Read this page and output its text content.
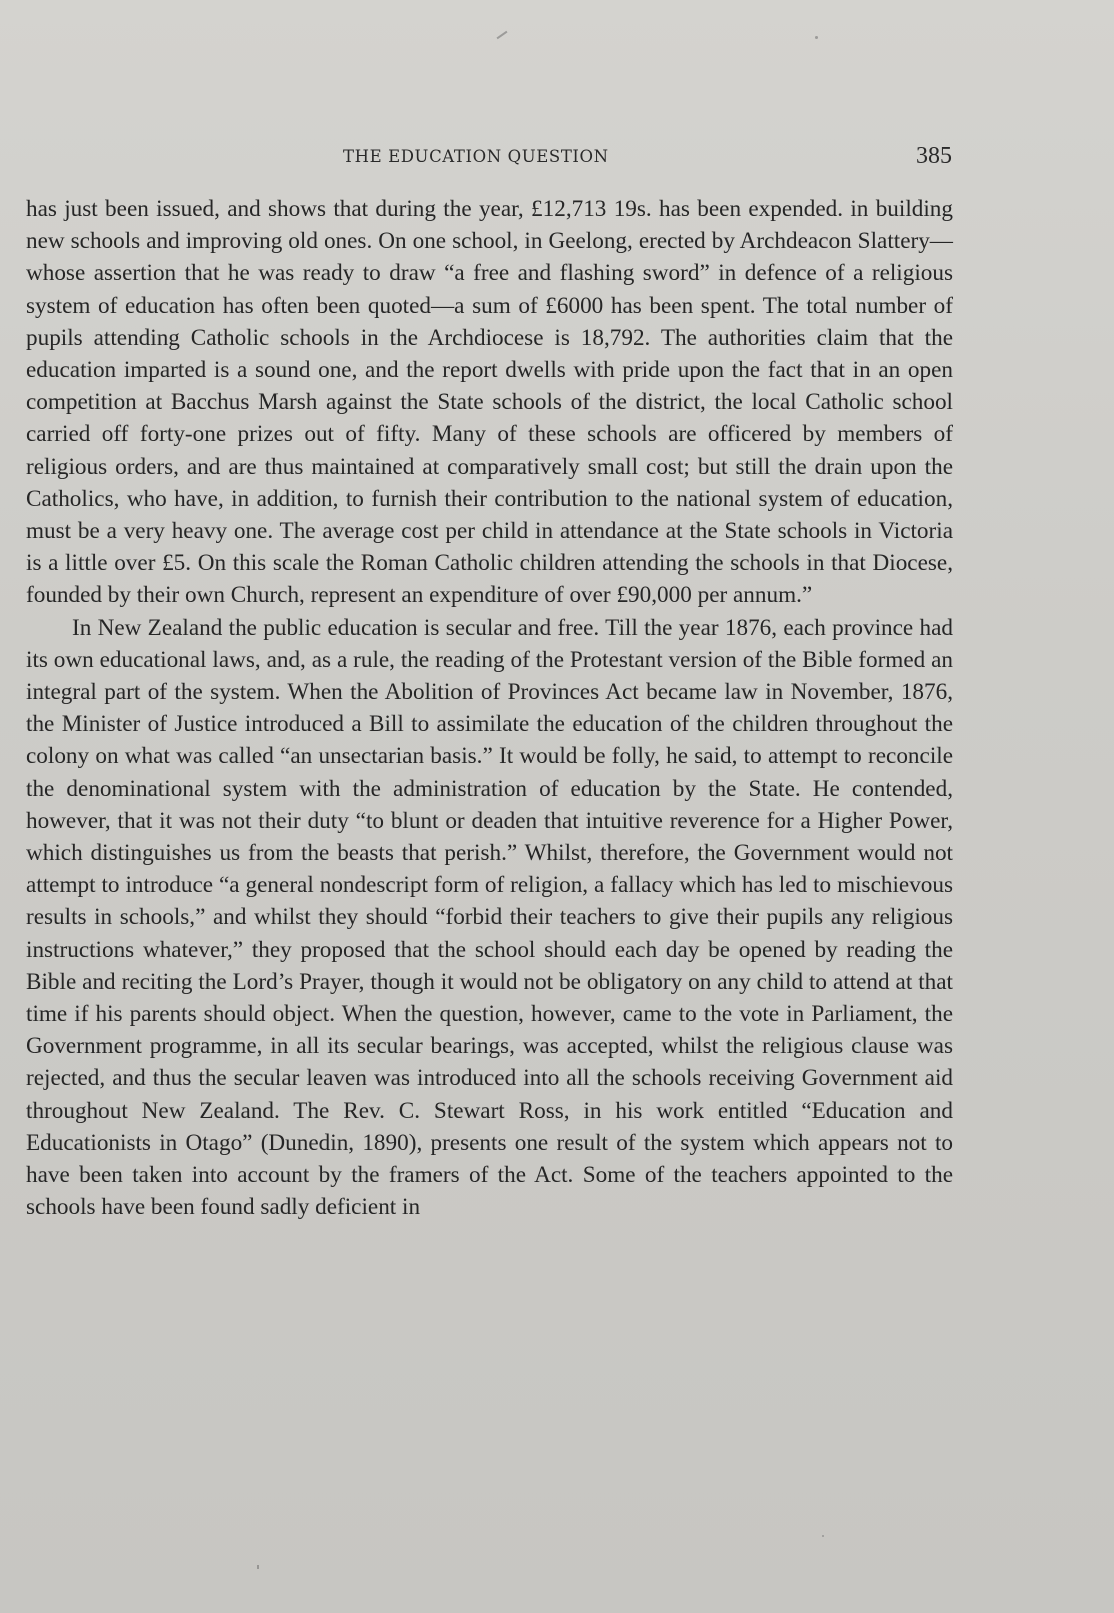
THE EDUCATION QUESTION	385

has just been issued, and shows that during the year, £12,713 19s. has been expended. in building new schools and improving old ones. On one school, in Geelong, erected by Archdeacon Slattery—whose assertion that he was ready to draw “a free and flashing sword” in defence of a religious system of education has often been quoted—a sum of £6000 has been spent. The total number of pupils attending Catholic schools in the Archdiocese is 18,792. The authorities claim that the education imparted is a sound one, and the report dwells with pride upon the fact that in an open competition at Bacchus Marsh against the State schools of the district, the local Catholic school carried off forty-one prizes out of fifty. Many of these schools are officered by members of religious orders, and are thus maintained at comparatively small cost; but still the drain upon the Catholics, who have, in addition, to furnish their contribution to the national system of education, must be a very heavy one. The average cost per child in attendance at the State schools in Victoria is a little over £5. On this scale the Roman Catholic children attending the schools in that Diocese, founded by their own Church, represent an expenditure of over £90,000 per annum.”

In New Zealand the public education is secular and free. Till the year 1876, each province had its own educational laws, and, as a rule, the reading of the Protestant version of the Bible formed an integral part of the system. When the Abolition of Provinces Act became law in November, 1876, the Minister of Justice introduced a Bill to assimilate the education of the children throughout the colony on what was called “an unsectarian basis.” It would be folly, he said, to attempt to reconcile the denominational system with the administration of education by the State. He contended, however, that it was not their duty “to blunt or deaden that intuitive reverence for a Higher Power, which distinguishes us from the beasts that perish.” Whilst, therefore, the Government would not attempt to introduce “a general nondescript form of religion, a fallacy which has led to mischievous results in schools,” and whilst they should “forbid their teachers to give their pupils any religious instructions whatever,” they proposed that the school should each day be opened by reading the Bible and reciting the Lord’s Prayer, though it would not be obligatory on any child to attend at that time if his parents should object. When the question, however, came to the vote in Parliament, the Government programme, in all its secular bearings, was accepted, whilst the religious clause was rejected, and thus the secular leaven was introduced into all the schools receiving Government aid throughout New Zealand. The Rev. C. Stewart Ross, in his work entitled “Education and Educationists in Otago” (Dunedin, 1890), presents one result of the system which appears not to have been taken into account by the framers of the Act. Some of the teachers appointed to the schools have been found sadly deficient in
